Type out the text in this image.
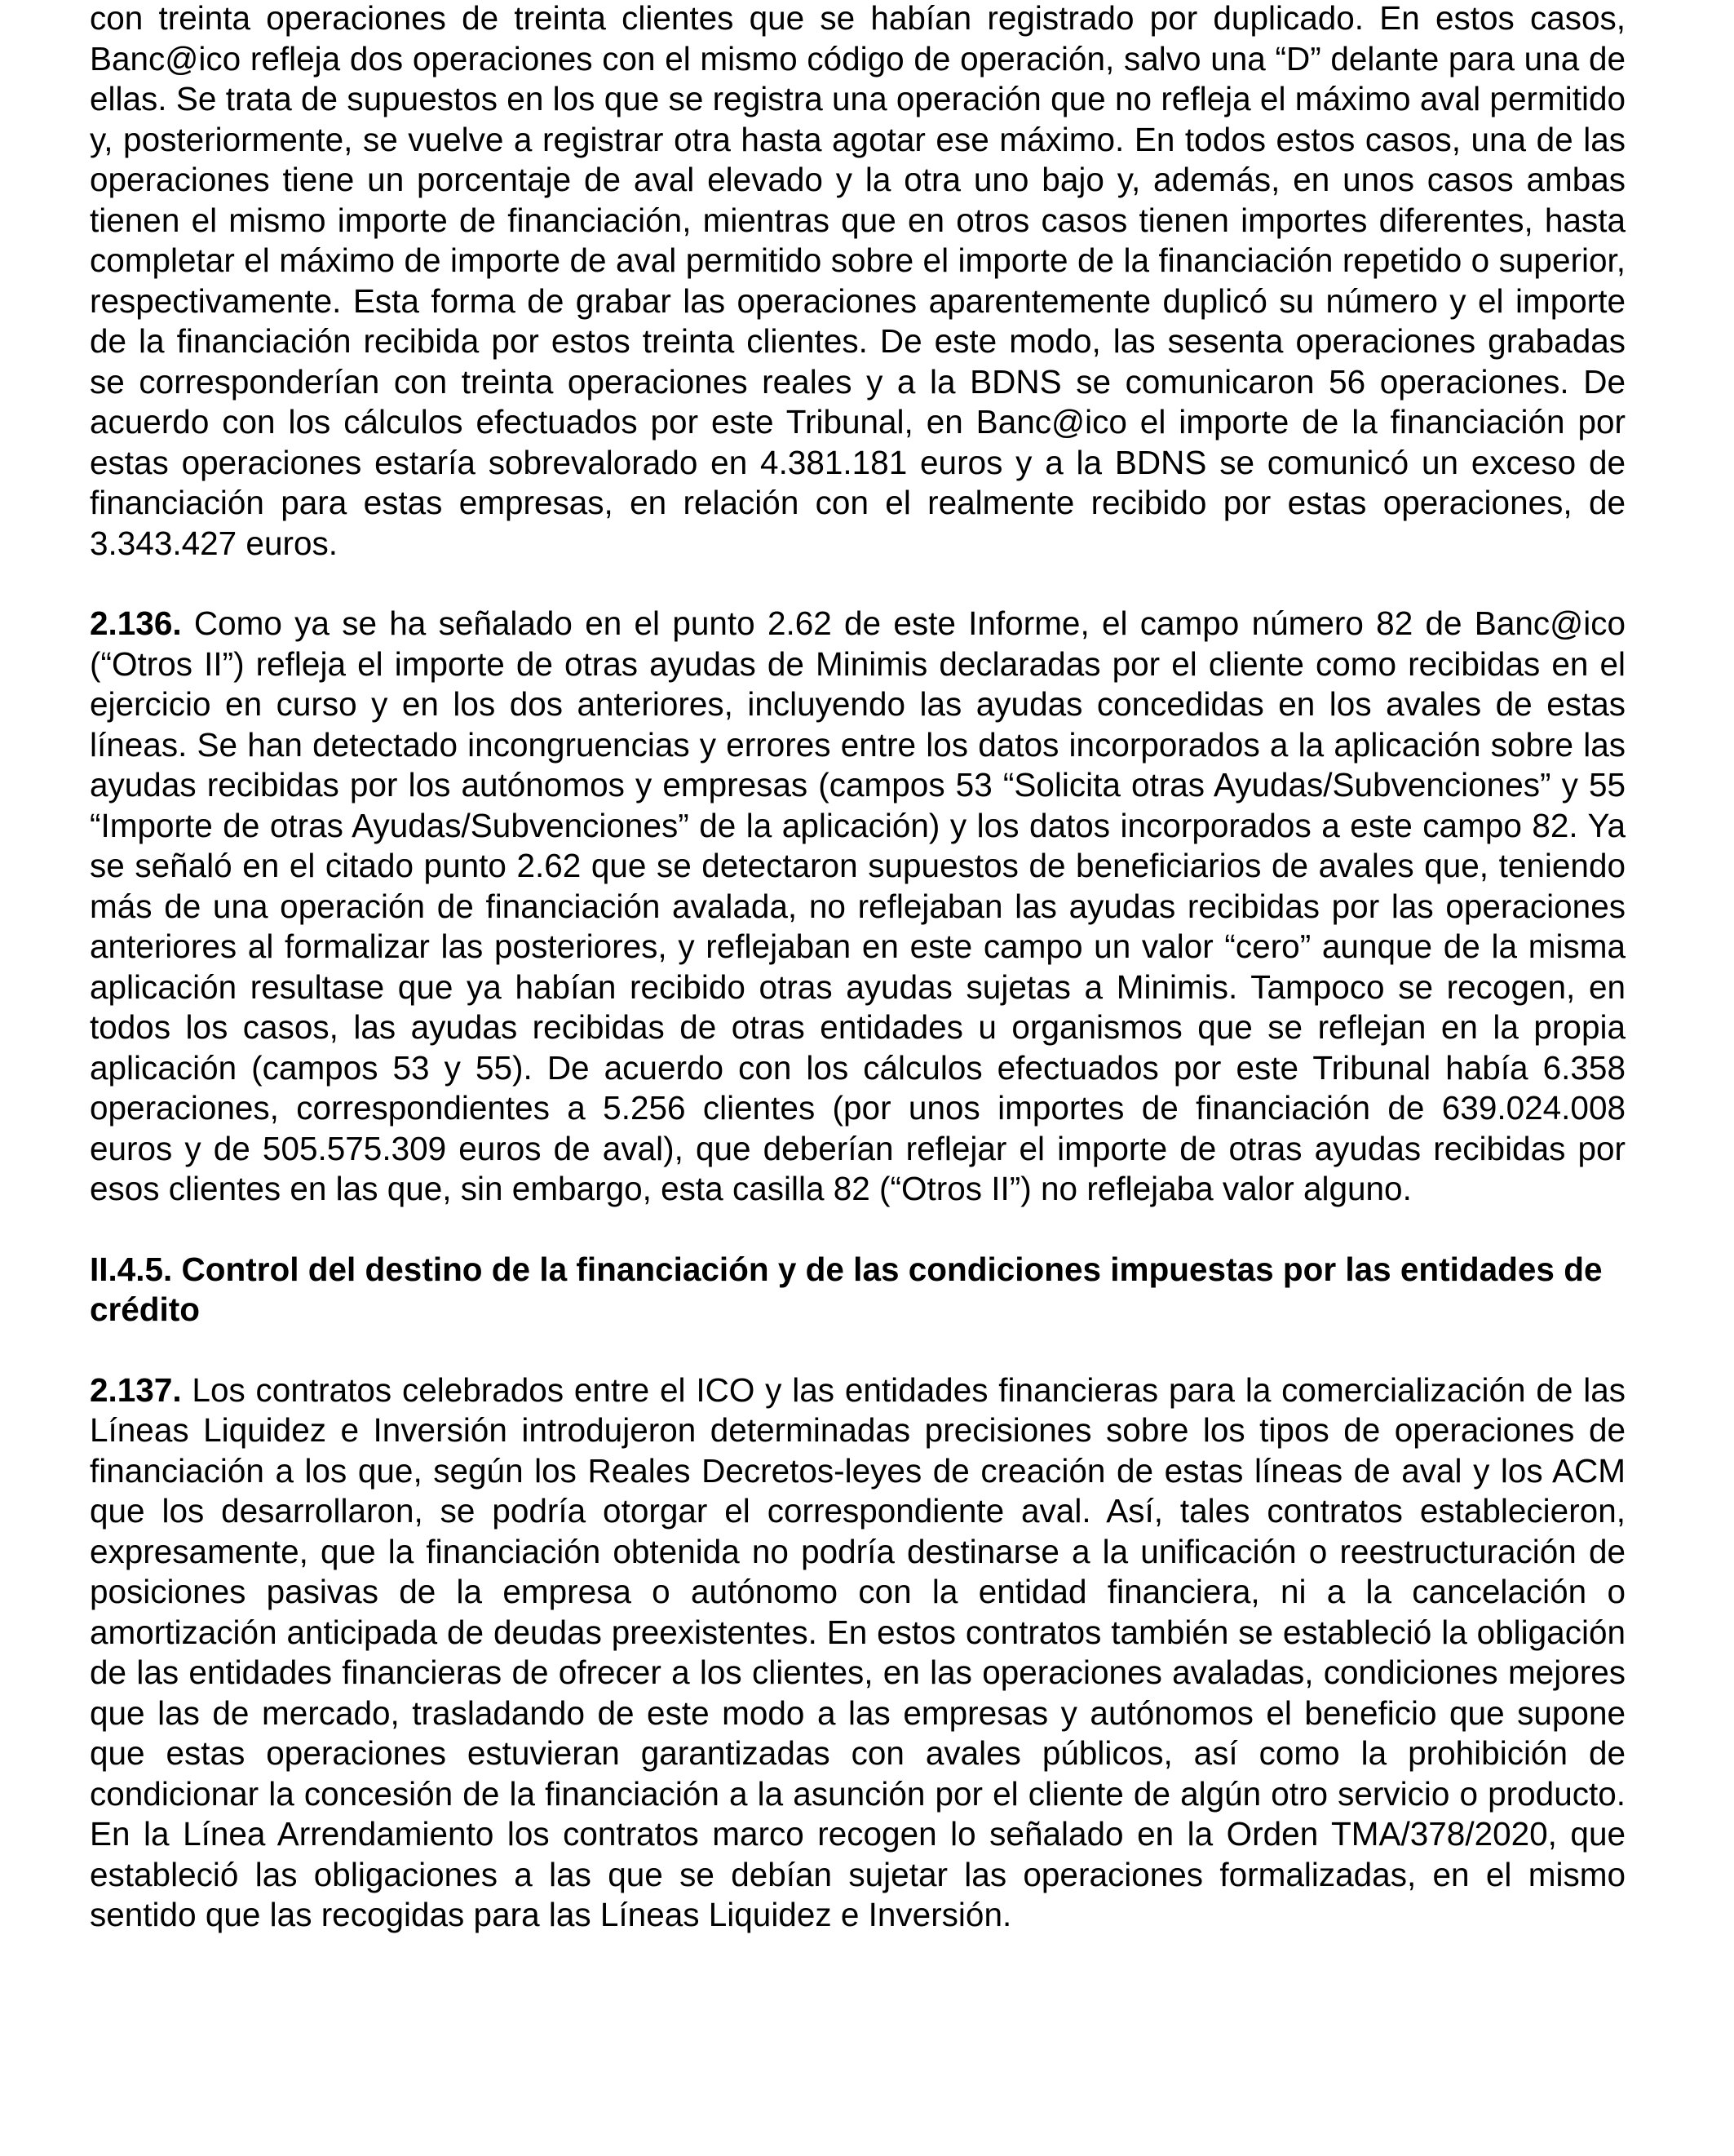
con treinta operaciones de treinta clientes que se habían registrado por duplicado. En estos casos, Banc@ico refleja dos operaciones con el mismo código de operación, salvo una “D” delante para una de ellas. Se trata de supuestos en los que se registra una operación que no refleja el máximo aval permitido y, posteriormente, se vuelve a registrar otra hasta agotar ese máximo. En todos estos casos, una de las operaciones tiene un porcentaje de aval elevado y la otra uno bajo y, además, en unos casos ambas tienen el mismo importe de financiación, mientras que en otros casos tienen importes diferentes, hasta completar el máximo de importe de aval permitido sobre el importe de la financiación repetido o superior, respectivamente. Esta forma de grabar las operaciones aparentemente duplicó su número y el importe de la financiación recibida por estos treinta clientes. De este modo, las sesenta operaciones grabadas se corresponderían con treinta operaciones reales y a la BDNS se comunicaron 56 operaciones. De acuerdo con los cálculos efectuados por este Tribunal, en Banc@ico el importe de la financiación por estas operaciones estaría sobrevalorado en 4.381.181 euros y a la BDNS se comunicó un exceso de financiación para estas empresas, en relación con el realmente recibido por estas operaciones, de 3.343.427 euros.

2.136. Como ya se ha señalado en el punto 2.62 de este Informe, el campo número 82 de Banc@ico (“Otros II”) refleja el importe de otras ayudas de Minimis declaradas por el cliente como recibidas en el ejercicio en curso y en los dos anteriores, incluyendo las ayudas concedidas en los avales de estas líneas. Se han detectado incongruencias y errores entre los datos incorporados a la aplicación sobre las ayudas recibidas por los autónomos y empresas (campos 53 “Solicita otras Ayudas/Subvenciones” y 55 “Importe de otras Ayudas/Subvenciones” de la aplicación) y los datos incorporados a este campo 82. Ya se señaló en el citado punto 2.62 que se detectaron supuestos de beneficiarios de avales que, teniendo más de una operación de financiación avalada, no reflejaban las ayudas recibidas por las operaciones anteriores al formalizar las posteriores, y reflejaban en este campo un valor “cero” aunque de la misma aplicación resultase que ya habían recibido otras ayudas sujetas a Minimis. Tampoco se recogen, en todos los casos, las ayudas recibidas de otras entidades u organismos que se reflejan en la propia aplicación (campos 53 y 55). De acuerdo con los cálculos efectuados por este Tribunal había 6.358 operaciones, correspondientes a 5.256 clientes (por unos importes de financiación de 639.024.008 euros y de 505.575.309 euros de aval), que deberían reflejar el importe de otras ayudas recibidas por esos clientes en las que, sin embargo, esta casilla 82 (“Otros II”) no reflejaba valor alguno.

II.4.5. Control del destino de la financiación y de las condiciones impuestas por las entidades de crédito

2.137. Los contratos celebrados entre el ICO y las entidades financieras para la comercialización de las Líneas Liquidez e Inversión introdujeron determinadas precisiones sobre los tipos de operaciones de financiación a los que, según los Reales Decretos-leyes de creación de estas líneas de aval y los ACM que los desarrollaron, se podría otorgar el correspondiente aval. Así, tales contratos establecieron, expresamente, que la financiación obtenida no podría destinarse a la unificación o reestructuración de posiciones pasivas de la empresa o autónomo con la entidad financiera, ni a la cancelación o amortización anticipada de deudas preexistentes. En estos contratos también se estableció la obligación de las entidades financieras de ofrecer a los clientes, en las operaciones avaladas, condiciones mejores que las de mercado, trasladando de este modo a las empresas y autónomos el beneficio que supone que estas operaciones estuvieran garantizadas con avales públicos, así como la prohibición de condicionar la concesión de la financiación a la asunción por el cliente de algún otro servicio o producto. En la Línea Arrendamiento los contratos marco recogen lo señalado en la Orden TMA/378/2020, que estableció las obligaciones a las que se debían sujetar las operaciones formalizadas, en el mismo sentido que las recogidas para las Líneas Liquidez e Inversión.
